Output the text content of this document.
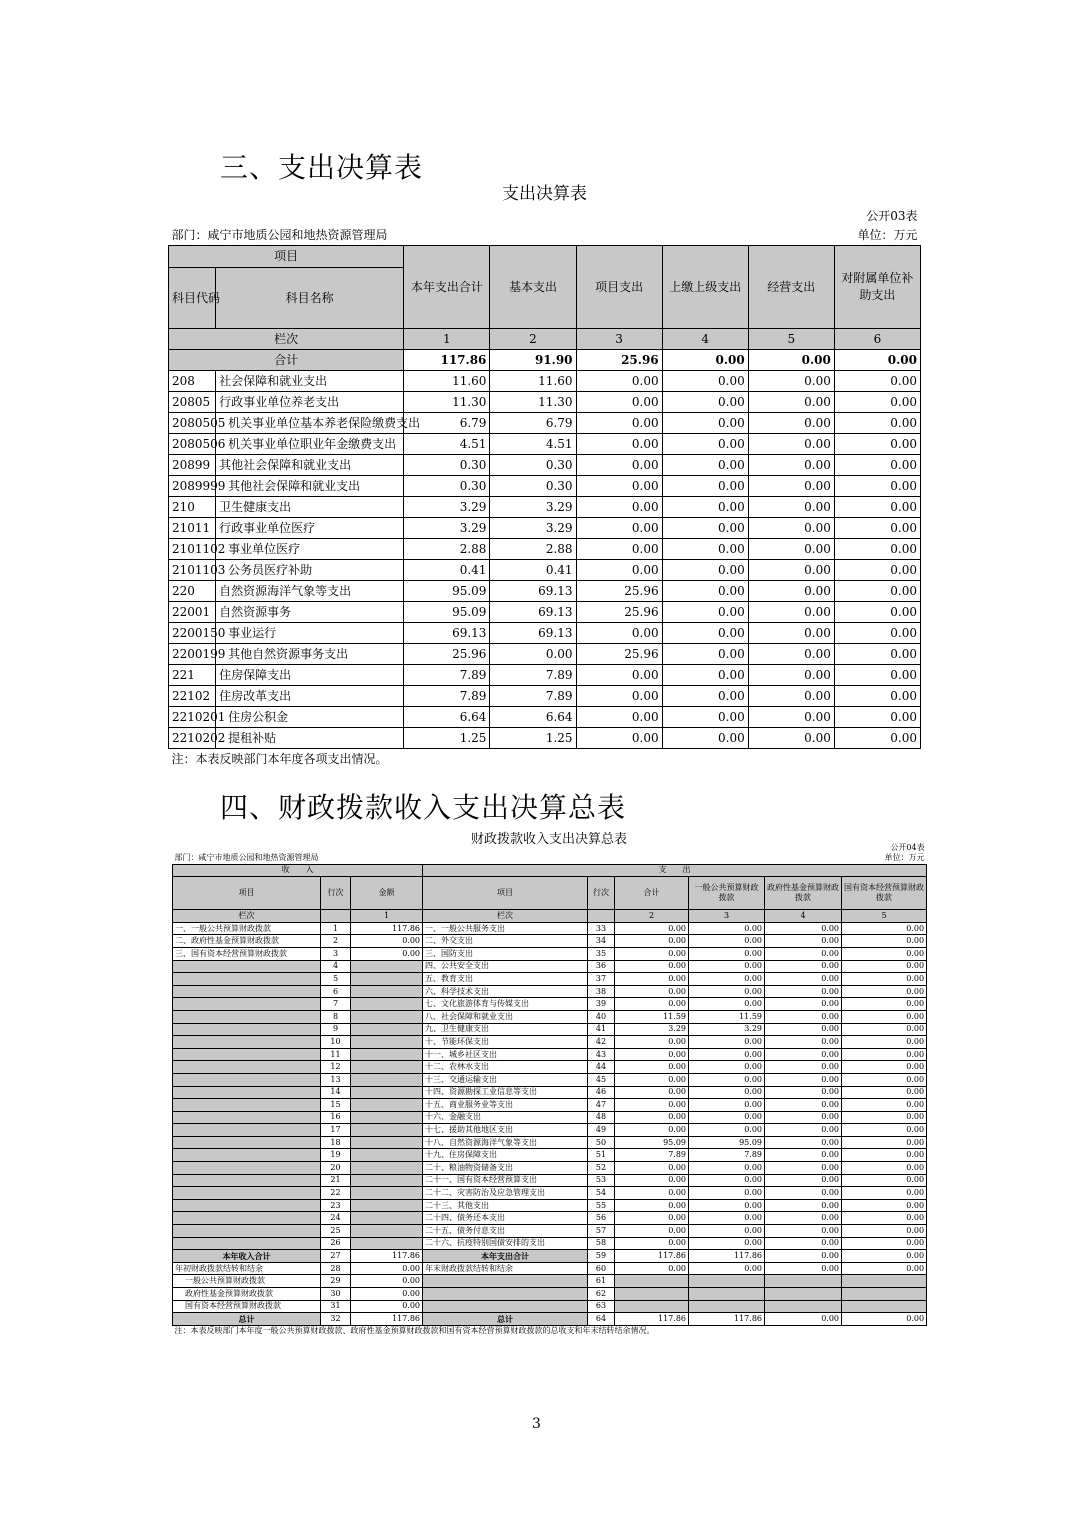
三、支出决算表
支出决算表							
公开03表							
部门：咸宁市地质公园和地热资源管理局					单位：万元		
项目		本年支出合计	基本支出	项目支出	上缴上级支出	经营支出	对附属单位补助支出
科目代码	科目名称						
栏次		1	2	3	4	5	6
合计		117.86	91.90	25.96	0.00	0.00	0.00
208	社会保障和就业支出	11.60	11.60	0.00	0.00	0.00	0.00
20805	行政事业单位养老支出	11.30	11.30	0.00	0.00	0.00	0.00
2080505	机关事业单位基本养老保险缴费支出	6.79	6.79	0.00	0.00	0.00	0.00
2080506	机关事业单位职业年金缴费支出	4.51	4.51	0.00	0.00	0.00	0.00
20899	其他社会保障和就业支出	0.30	0.30	0.00	0.00	0.00	0.00
2089999	其他社会保障和就业支出	0.30	0.30	0.00	0.00	0.00	0.00
210	卫生健康支出	3.29	3.29	0.00	0.00	0.00	0.00
21011	行政事业单位医疗	3.29	3.29	0.00	0.00	0.00	0.00
2101102	事业单位医疗	2.88	2.88	0.00	0.00	0.00	0.00
2101103	公务员医疗补助	0.41	0.41	0.00	0.00	0.00	0.00
220	自然资源海洋气象等支出	95.09	69.13	25.96	0.00	0.00	0.00
22001	自然资源事务	95.09	69.13	25.96	0.00	0.00	0.00
2200150	事业运行	69.13	69.13	0.00	0.00	0.00	0.00
2200199	其他自然资源事务支出	25.96	0.00	25.96	0.00	0.00	0.00
221	住房保障支出	7.89	7.89	0.00	0.00	0.00	0.00
22102	住房改革支出	7.89	7.89	0.00	0.00	0.00	0.00
2210201	住房公积金	6.64	6.64	0.00	0.00	0.00	0.00
2210202	提租补贴	1.25	1.25	0.00	0.00	0.00	0.00
注：本表反映部门本年度各项支出情况。							
四、财政拨款收入支出决算总表
财政拨款收入支出决算总表	公开04表								
部门：咸宁市地质公园和地热资源管理局				单位：万元				
收　　入			支　　出					
项目	行次	金额	项目	行次	合计	一般公共预算财政拨款	政府性基金预算财政拨款	国有资本经营预算财政拨款
栏次		1	栏次		2	3	4	5
一、一般公共预算财政拨款	1	117.86	一、一般公共服务支出	33	0.00	0.00	0.00	0.00
二、政府性基金预算财政拨款	2	0.00	二、外交支出	34	0.00	0.00	0.00	0.00
三、国有资本经营预算财政拨款	3	0.00	三、国防支出	35	0.00	0.00	0.00	0.00
	4		四、公共安全支出	36	0.00	0.00	0.00	0.00
	5		五、教育支出	37	0.00	0.00	0.00	0.00
	6		六、科学技术支出	38	0.00	0.00	0.00	0.00
	7		七、文化旅游体育与传媒支出	39	0.00	0.00	0.00	0.00
	8		八、社会保障和就业支出	40	11.59	11.59	0.00	0.00
	9		九、卫生健康支出	41	3.29	3.29	0.00	0.00
	10		十、节能环保支出	42	0.00	0.00	0.00	0.00
	11		十一、城乡社区支出	43	0.00	0.00	0.00	0.00
	12		十二、农林水支出	44	0.00	0.00	0.00	0.00
	13		十三、交通运输支出	45	0.00	0.00	0.00	0.00
	14		十四、资源勘探工业信息等支出	46	0.00	0.00	0.00	0.00
	15		十五、商业服务业等支出	47	0.00	0.00	0.00	0.00
	16		十六、金融支出	48	0.00	0.00	0.00	0.00
	17		十七、援助其他地区支出	49	0.00	0.00	0.00	0.00
	18		十八、自然资源海洋气象等支出	50	95.09	95.09	0.00	0.00
	19		十九、住房保障支出	51	7.89	7.89	0.00	0.00
	20		二十、粮油物资储备支出	52	0.00	0.00	0.00	0.00
	21		二十一、国有资本经营预算支出	53	0.00	0.00	0.00	0.00
	22		二十二、灾害防治及应急管理支出	54	0.00	0.00	0.00	0.00
	23		二十三、其他支出	55	0.00	0.00	0.00	0.00
	24		二十四、债务还本支出	56	0.00	0.00	0.00	0.00
	25		二十五、债务付息支出	57	0.00	0.00	0.00	0.00
	26		二十六、抗疫特别国债安排的支出	58	0.00	0.00	0.00	0.00
本年收入合计	27	117.86	本年支出合计	59	117.86	117.86	0.00	0.00
年初财政拨款结转和结余	28	0.00	年末财政拨款结转和结余	60	0.00	0.00	0.00	0.00
一般公共预算财政拨款	29	0.00		61				
政府性基金预算财政拨款	30	0.00		62				
国有资本经营预算财政拨款	31	0.00		63				
总计	32	117.86	总计	64	117.86	117.86	0.00	0.00
注：本表反映部门本年度一般公共预算财政拨款、政府性基金预算财政拨款和国有资本经营预算财政拨款的总收支和年末结转结余情况。								
3
